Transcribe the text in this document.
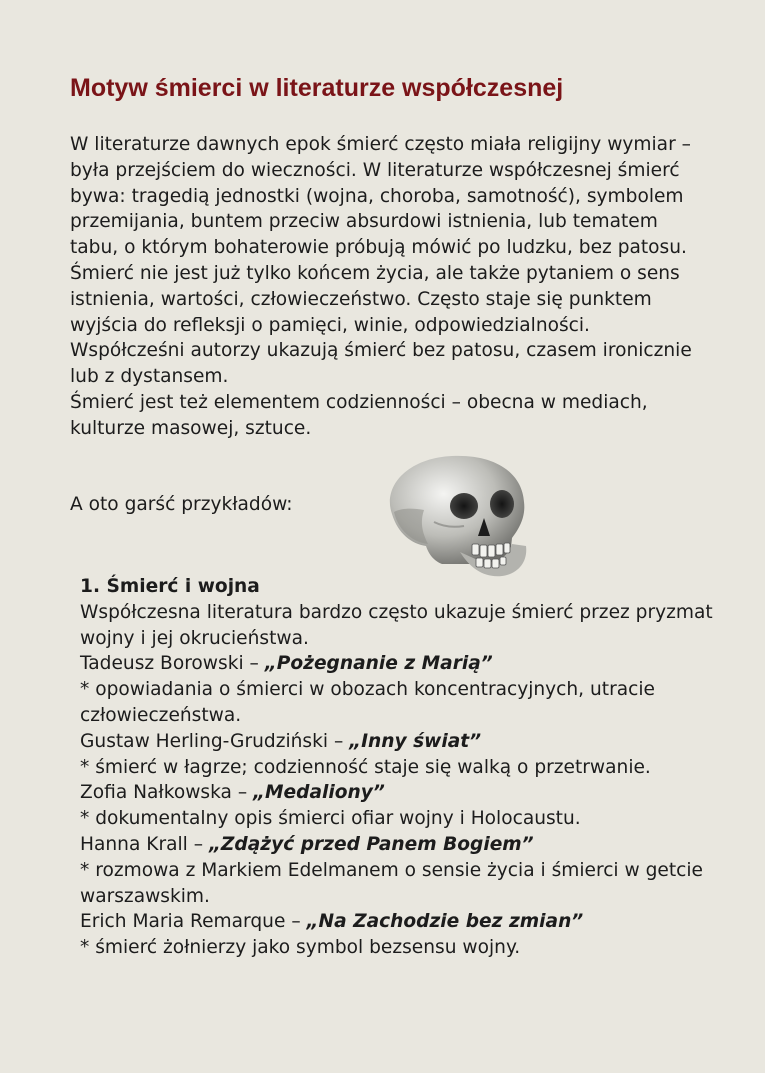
Motyw śmierci w literaturze współczesnej

W literaturze dawnych epok śmierć często miała religijny wymiar – była przejściem do wieczności. W literaturze współczesnej śmierć bywa: tragedią jednostki (wojna, choroba, samotność), symbolem przemijania, buntem przeciw absurdowi istnienia, lub tematem tabu, o którym bohaterowie próbują mówić po ludzku, bez patosu.

Śmierć nie jest już tylko końcem życia, ale także pytaniem o sens istnienia, wartości, człowieczeństwo. Często staje się punktem wyjścia do refleksji o pamięci, winie, odpowiedzialności. Współcześni autorzy ukazują śmierć bez patosu, czasem ironicznie lub z dystansem.

Śmierć jest też elementem codzienności – obecna w mediach, kulturze masowej, sztuce.

A oto garść przykładów:

1. Śmierć i wojna

Współczesna literatura bardzo często ukazuje śmierć przez pryzmat wojny i jej okrucieństwa.

Tadeusz Borowski – „Pożegnanie z Marią”

* opowiadania o śmierci w obozach koncentracyjnych, utracie człowieczeństwa.

Gustaw Herling-Grudziński – „Inny świat”

* śmierć w łagrze; codzienność staje się walką o przetrwanie.

Zofia Nałkowska – „Medaliony”

* dokumentalny opis śmierci ofiar wojny i Holocaustu.

Hanna Krall – „Zdążyć przed Panem Bogiem”

* rozmowa z Markiem Edelmanem o sensie życia i śmierci w getcie warszawskim.

Erich Maria Remarque – „Na Zachodzie bez zmian”

* śmierć żołnierzy jako symbol bezsensu wojny.
